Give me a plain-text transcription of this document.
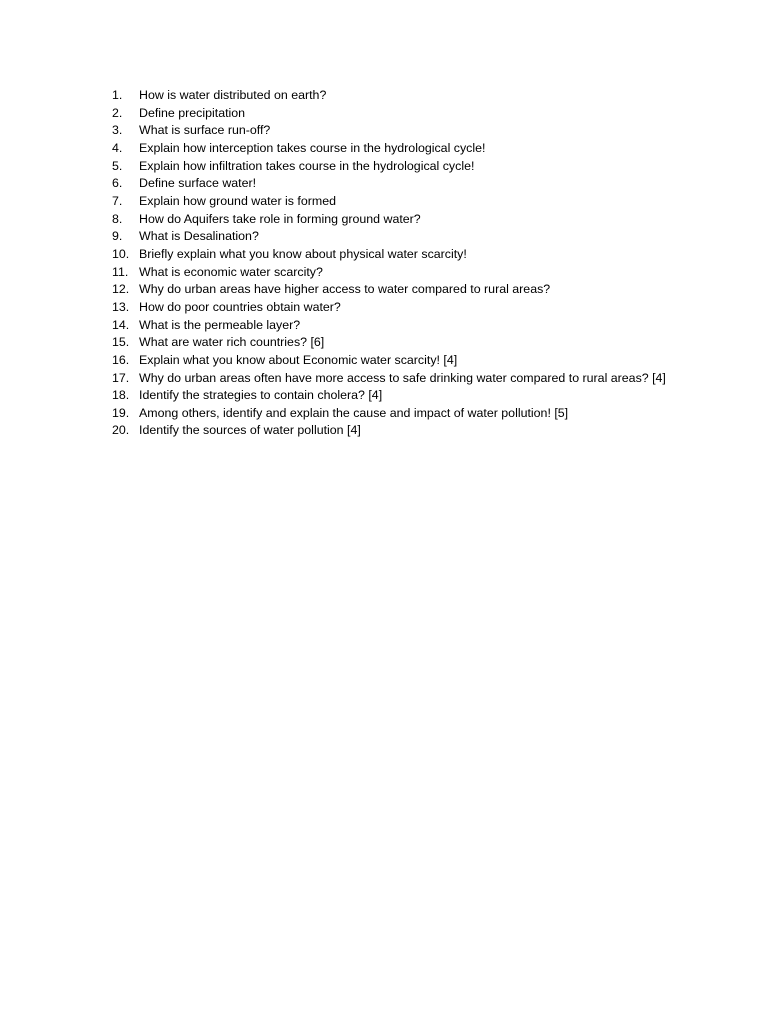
1.	How is water distributed on earth?
2.	Define precipitation
3.	What is surface run-off?
4.	Explain how interception takes course in the hydrological cycle!
5.	Explain how infiltration takes course in the hydrological cycle!
6.	Define surface water!
7.	Explain how ground water is formed
8.	How do Aquifers take role in forming ground water?
9.	What is Desalination?
10. Briefly explain what you know about physical water scarcity!
11. What is economic water scarcity?
12. Why do urban areas have higher access to water compared to rural areas?
13. How do poor countries obtain water?
14. What is the permeable layer?
15. What are water rich countries? [6]
16. Explain what you know about Economic water scarcity! [4]
17. Why do urban areas often have more access to safe drinking water compared to rural areas? [4]
18. Identify the strategies to contain cholera? [4]
19. Among others, identify and explain the cause and impact of water pollution! [5]
20. Identify the sources of water pollution [4]
